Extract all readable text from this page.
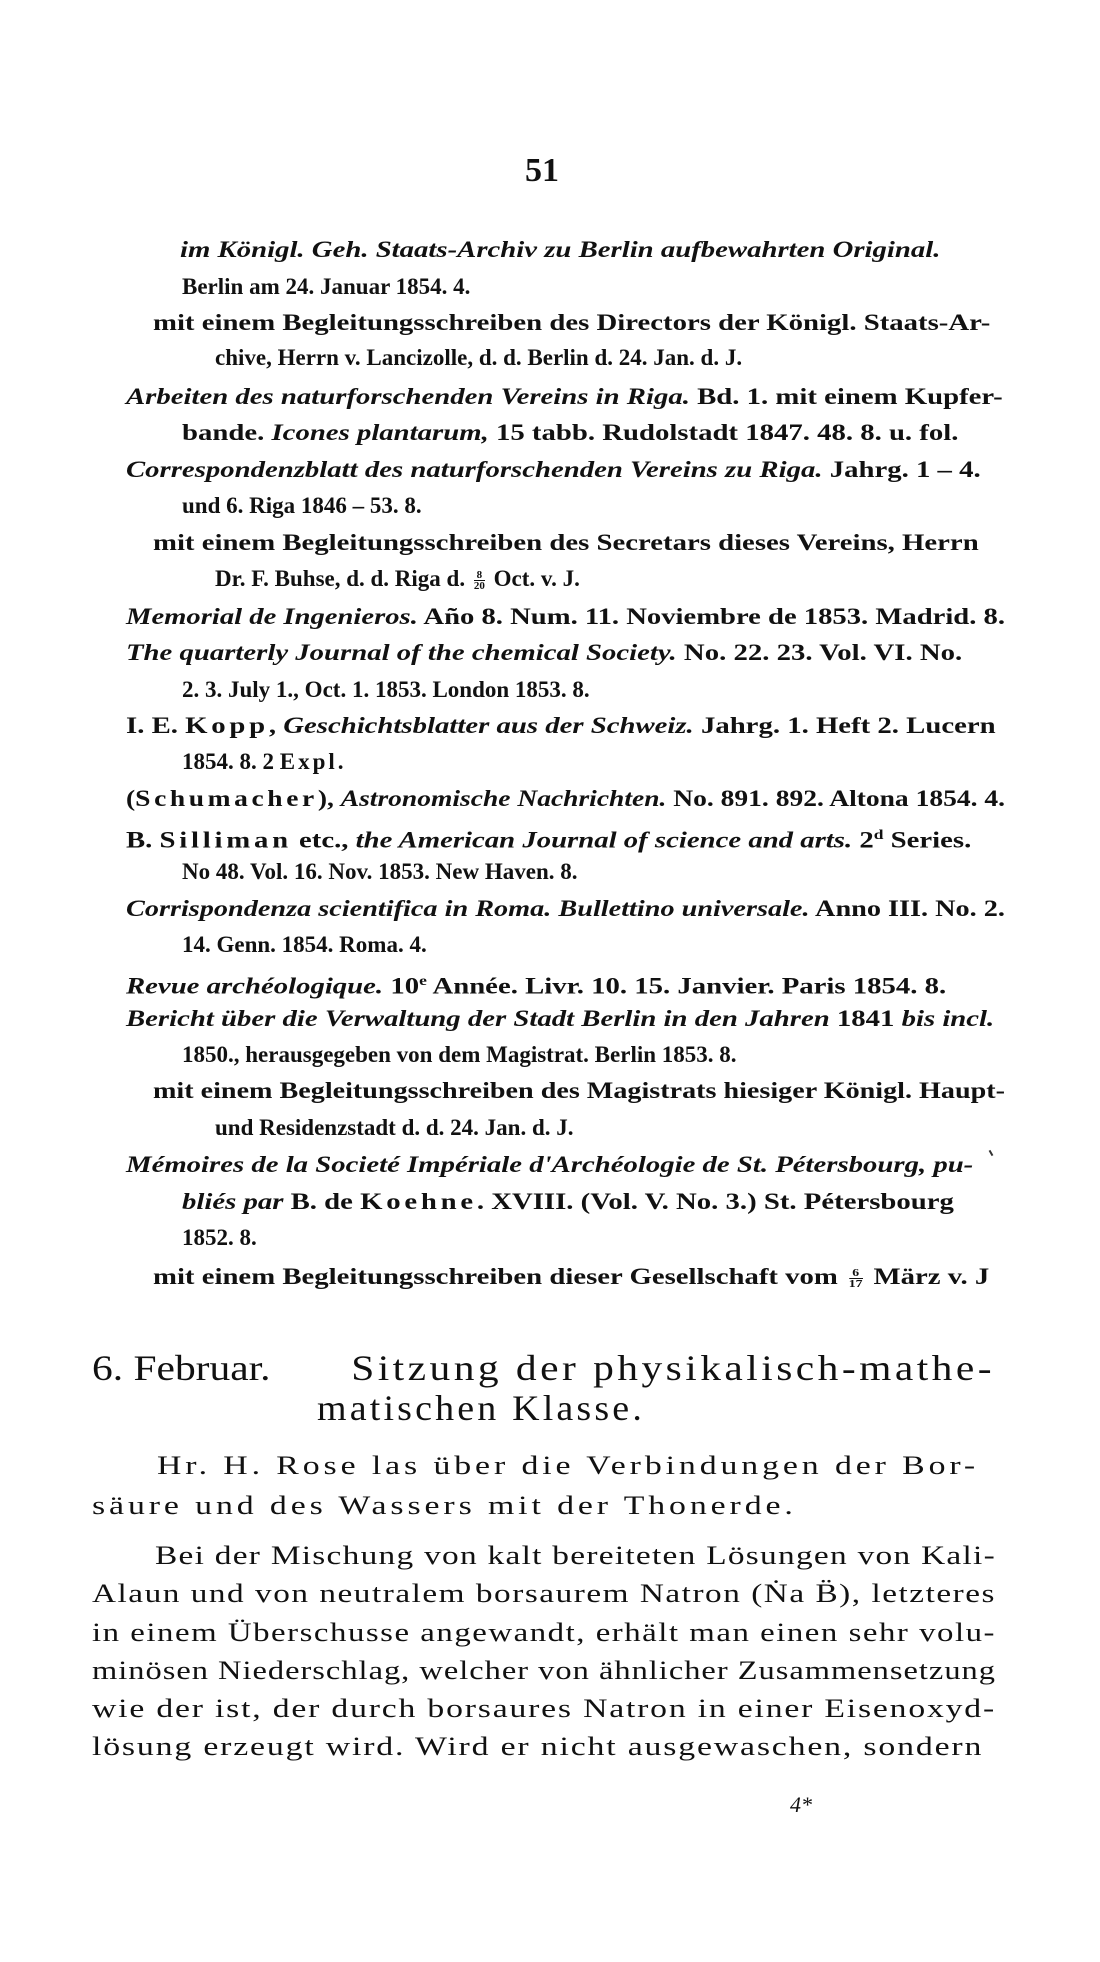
51
im Königl. Geh. Staats-Archiv zu Berlin aufbewahrten Original.
Berlin am 24. Januar 1854. 4.
mit einem Begleitungsschreiben des Directors der Königl. Staats-Ar-
chive, Herrn v. Lancizolle, d. d. Berlin d. 24. Jan. d. J.
Arbeiten des naturforschenden Vereins in Riga. Bd. 1. mit einem Kupfer-
bande. Icones plantarum, 15 tabb. Rudolstadt 1847. 48. 8. u. fol.
Correspondenzblatt des naturforschenden Vereins zu Riga. Jahrg. 1 – 4.
und 6. Riga 1846 – 53. 8.
mit einem Begleitungsschreiben des Secretars dieses Vereins, Herrn
Dr. F. Buhse, d. d. Riga d. $\frac{8}{20}$ Oct. v. J.
Memorial de Ingenieros. Año 8. Num. 11. Noviembre de 1853. Madrid. 8.
The quarterly Journal of the chemical Society. No. 22. 23. Vol. VI. No.
2. 3. July 1., Oct. 1. 1853. London 1853. 8.
I. E. Kopp, Geschichtsblatter aus der Schweiz. Jahrg. 1. Heft 2. Lucern
1854. 8. 2 Expl.
(Schumacher), Astronomische Nachrichten. No. 891. 892. Altona 1854. 4.
B. Silliman etc., the American Journal of science and arts. 2$^d$ Series.
No 48. Vol. 16. Nov. 1853. New Haven. 8.
Corrispondenza scientifica in Roma. Bullettino universale. Anno III. No. 2.
14. Genn. 1854. Roma. 4.
Revue archéologique. 10e Année. Livr. 10. 15. Janvier. Paris 1854. 8.
Bericht über die Verwaltung der Stadt Berlin in den Jahren 1841 bis incl.
1850., herausgegeben von dem Magistrat. Berlin 1853. 8.
mit einem Begleitungsschreiben des Magistrats hiesiger Königl. Haupt-
und Residenzstadt d. d. 24. Jan. d. J.
Mémoires de la Societé Impériale d'Archéologie de St. Pétersbourg, pu-
bliés par B. de Koehne. XVIII. (Vol. V. No. 3.) St. Pétersbourg
1852. 8.
mit einem Begleitungsschreiben dieser Gesellschaft vom $\frac{6}{17}$ März v. J
6. Februar. Sitzung der physikalisch-mathe-
matischen Klasse.
Hr. H. Rose las über die Verbindungen der Bor-
säure und des Wassers mit der Thonerde.
Bei der Mischung von kalt bereiteten Lösungen von Kali-
Alaun und von neutralem borsaurem Natron (Ṅa B̈), letzteres
in einem Überschusse angewandt, erhält man einen sehr volu-
minösen Niederschlag, welcher von ähnlicher Zusammensetzung
wie der ist, der durch borsaures Natron in einer Eisenoxyd-
lösung erzeugt wird. Wird er nicht ausgewaschen, sondern
4*
